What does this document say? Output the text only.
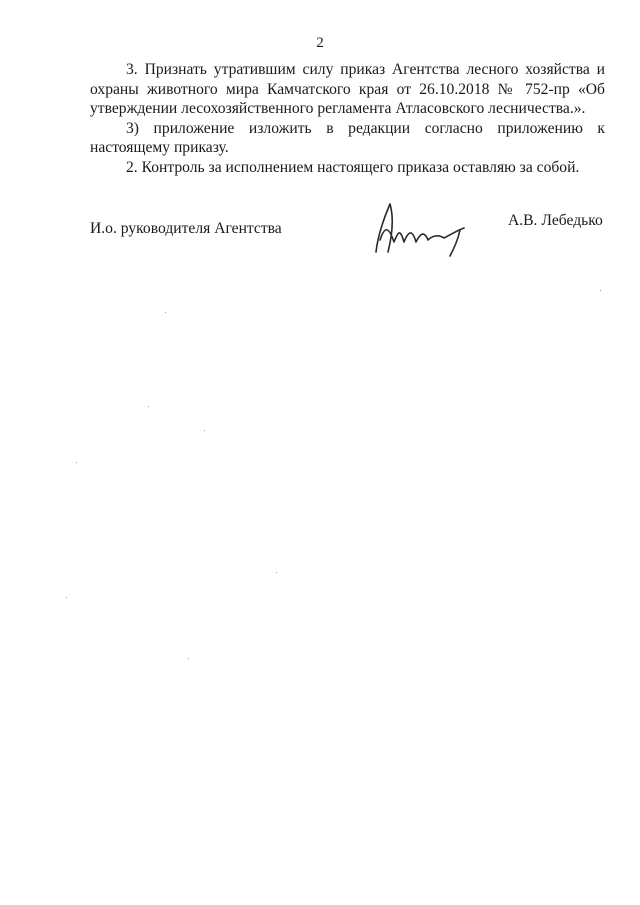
2

3. Признать утратившим силу приказ Агентства лесного хозяйства и охраны животного мира Камчатского края от 26.10.2018 № 752-пр «Об утверждении лесохозяйственного регламента Атласовского лесничества.».

3) приложение изложить в редакции согласно приложению к настоящему приказу.

2. Контроль за исполнением настоящего приказа оставляю за собой.

И.о. руководителя Агентства	А.В. Лебедько
